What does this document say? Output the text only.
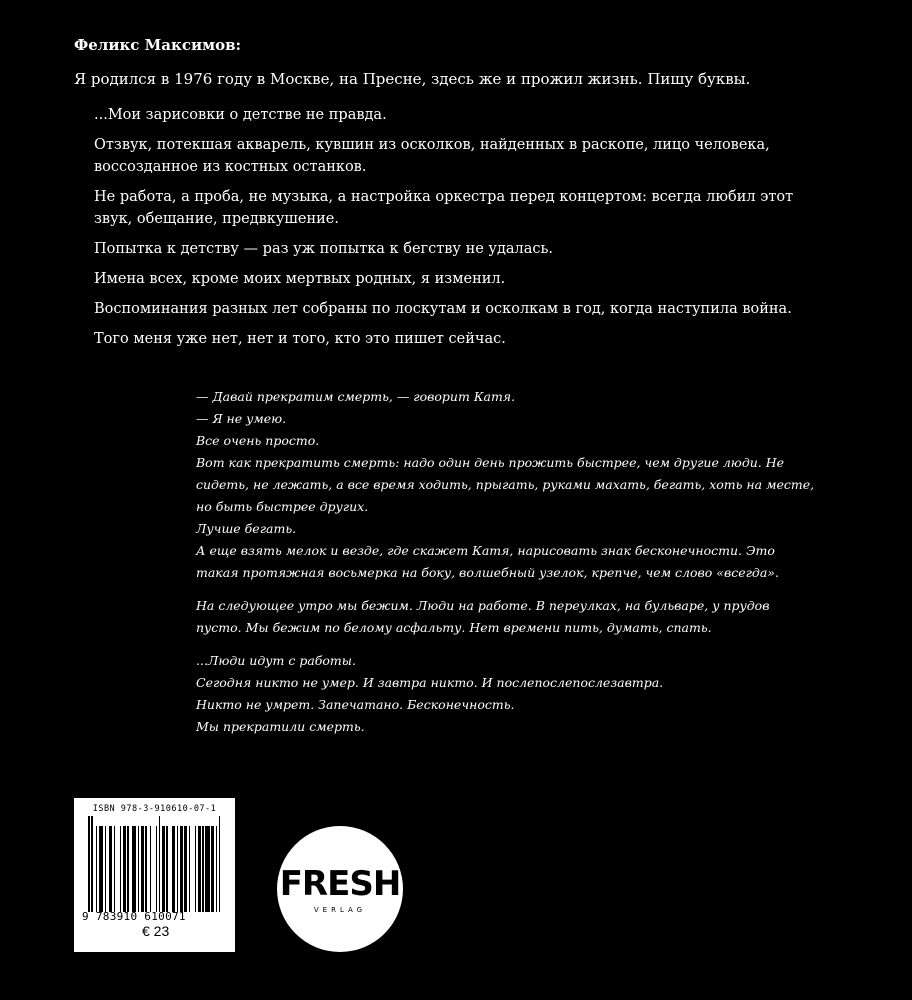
Феликс Максимов:

Я родился в 1976 году в Москве, на Пресне, здесь же и прожил жизнь. Пишу буквы.

...Мои зарисовки о детстве не правда.

Отзвук, потекшая акварель, кувшин из осколков, найденных в раскопе, лицо человека, воссозданное из костных останков.

Не работа, а проба, не музыка, а настройка оркестра перед концертом: всегда любил этот звук, обещание, предвкушение.

Попытка к детству — раз уж попытка к бегству не удалась.

Имена всех, кроме моих мертвых родных, я изменил.

Воспоминания разных лет собраны по лоскутам и осколкам в год, когда наступила война.

Того меня уже нет, нет и того, кто это пишет сейчас.

— Давай прекратим смерть, — говорит Катя.

— Я не умею.

Все очень просто.

Вот как прекратить смерть: надо один день прожить быстрее, чем другие люди. Не сидеть, не лежать, а все время ходить, прыгать, руками махать, бегать, хоть на месте, но быть быстрее других.

Лучше бегать.

А еще взять мелок и везде, где скажет Катя, нарисовать знак бесконечности. Это такая протяжная восьмерка на боку, волшебный узелок, крепче, чем слово «всегда».

На следующее утро мы бежим. Люди на работе. В переулках, на бульваре, у прудов пусто. Мы бежим по белому асфальту. Нет времени пить, думать, спать.

...Люди идут с работы.

Сегодня никто не умер. И завтра никто. И послепослепослезавтра.

Никто не умрет. Запечатано. Бесконечность.

Мы прекратили смерть.

ISBN 978-3-910610-07-1

9 783910 610071

€ 23

FRESH
VERLAG
